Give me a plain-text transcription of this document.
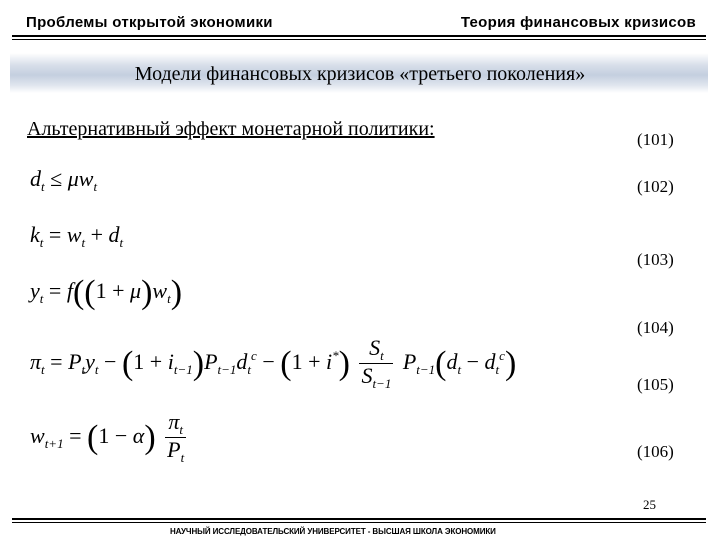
Проблемы открытой экономики	Теория финансовых кризисов
Модели финансовых кризисов «третьего поколения»
Альтернативный эффект монетарной политики:	(101)
(102)
(103)
(104)
(105)
(106)
$d_t \le \mu w_t$
$k_t = w_t + d_t$
$y_t = f((1 + \mu)w_t)$
$\pi_t = P_ty_t - (1 + i_{t-1})P_{t-1}d_t^c - (1 + i^*) \frac{S_t}{S_{t-1}} P_{t-1}(d_t - d_t^c)$
$w_{t+1} = (1 - \alpha) \frac{\pi_t}{P_t}$
25
НАУЧНЫЙ ИССЛЕДОВАТЕЛЬСКИЙ УНИВЕРСИТЕТ - ВЫСШАЯ ШКОЛА ЭКОНОМИКИ
